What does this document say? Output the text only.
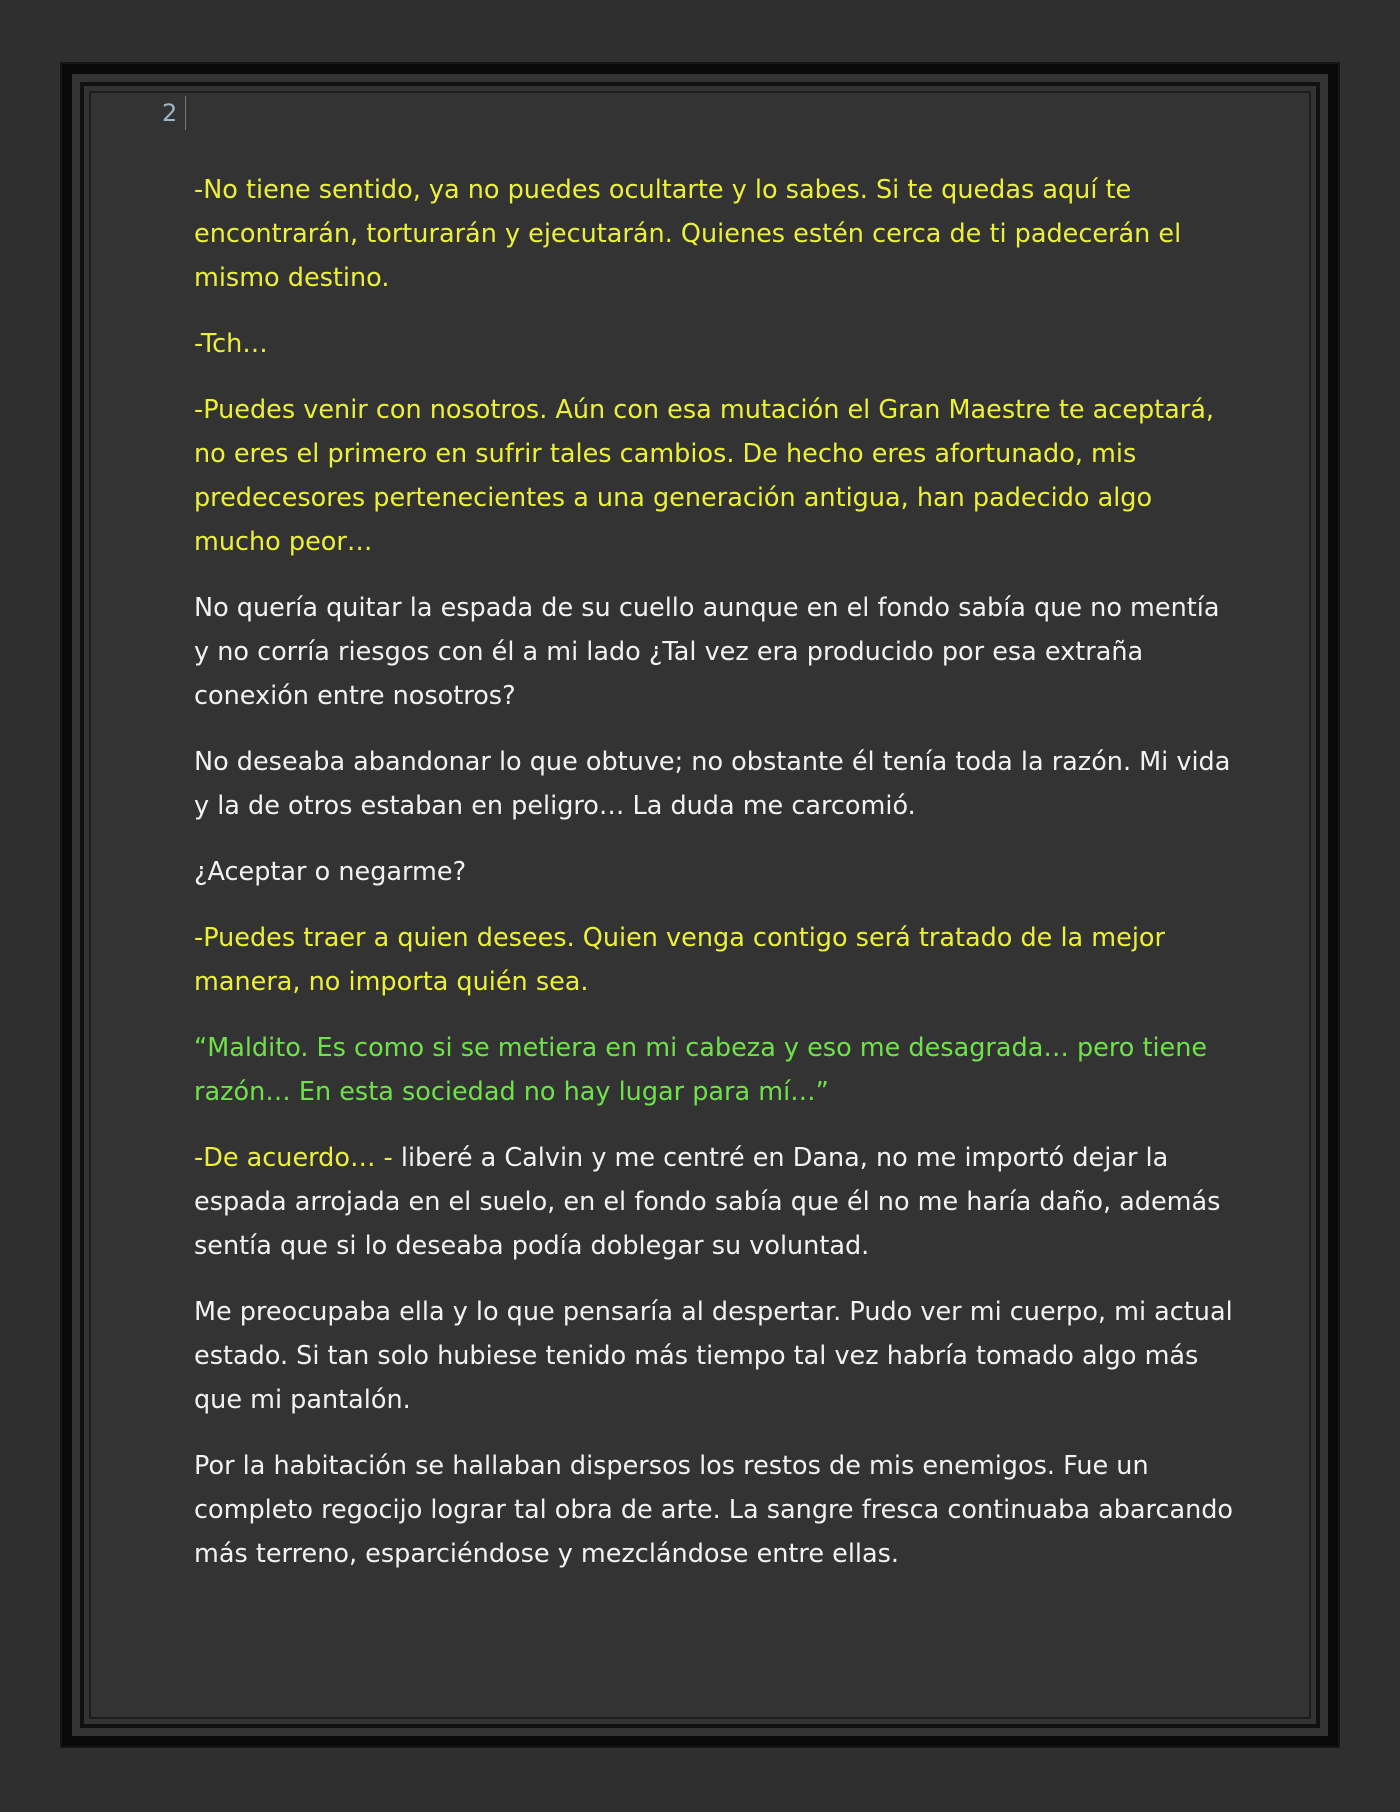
2

-No tiene sentido, ya no puedes ocultarte y lo sabes. Si te quedas aquí te encontrarán, torturarán y ejecutarán. Quienes estén cerca de ti padecerán el mismo destino.

-Tch…

-Puedes venir con nosotros. Aún con esa mutación el Gran Maestre te aceptará, no eres el primero en sufrir tales cambios. De hecho eres afortunado, mis predecesores pertenecientes a una generación antigua, han padecido algo mucho peor…

No quería quitar la espada de su cuello aunque en el fondo sabía que no mentía y no corría riesgos con él a mi lado ¿Tal vez era producido por esa extraña conexión entre nosotros?

No deseaba abandonar lo que obtuve; no obstante él tenía toda la razón. Mi vida y la de otros estaban en peligro… La duda me carcomió.

¿Aceptar o negarme?

-Puedes traer a quien desees. Quien venga contigo será tratado de la mejor manera, no importa quién sea.

“Maldito. Es como si se metiera en mi cabeza y eso me desagrada… pero tiene razón… En esta sociedad no hay lugar para mí…”

-De acuerdo… - liberé a Calvin y me centré en Dana, no me importó dejar la espada arrojada en el suelo, en el fondo sabía que él no me haría daño, además sentía que si lo deseaba podía doblegar su voluntad.

Me preocupaba ella y lo que pensaría al despertar. Pudo ver mi cuerpo, mi actual estado. Si tan solo hubiese tenido más tiempo tal vez habría tomado algo más que mi pantalón.

Por la habitación se hallaban dispersos los restos de mis enemigos. Fue un completo regocijo lograr tal obra de arte. La sangre fresca continuaba abarcando más terreno, esparciéndose y mezclándose entre ellas.
